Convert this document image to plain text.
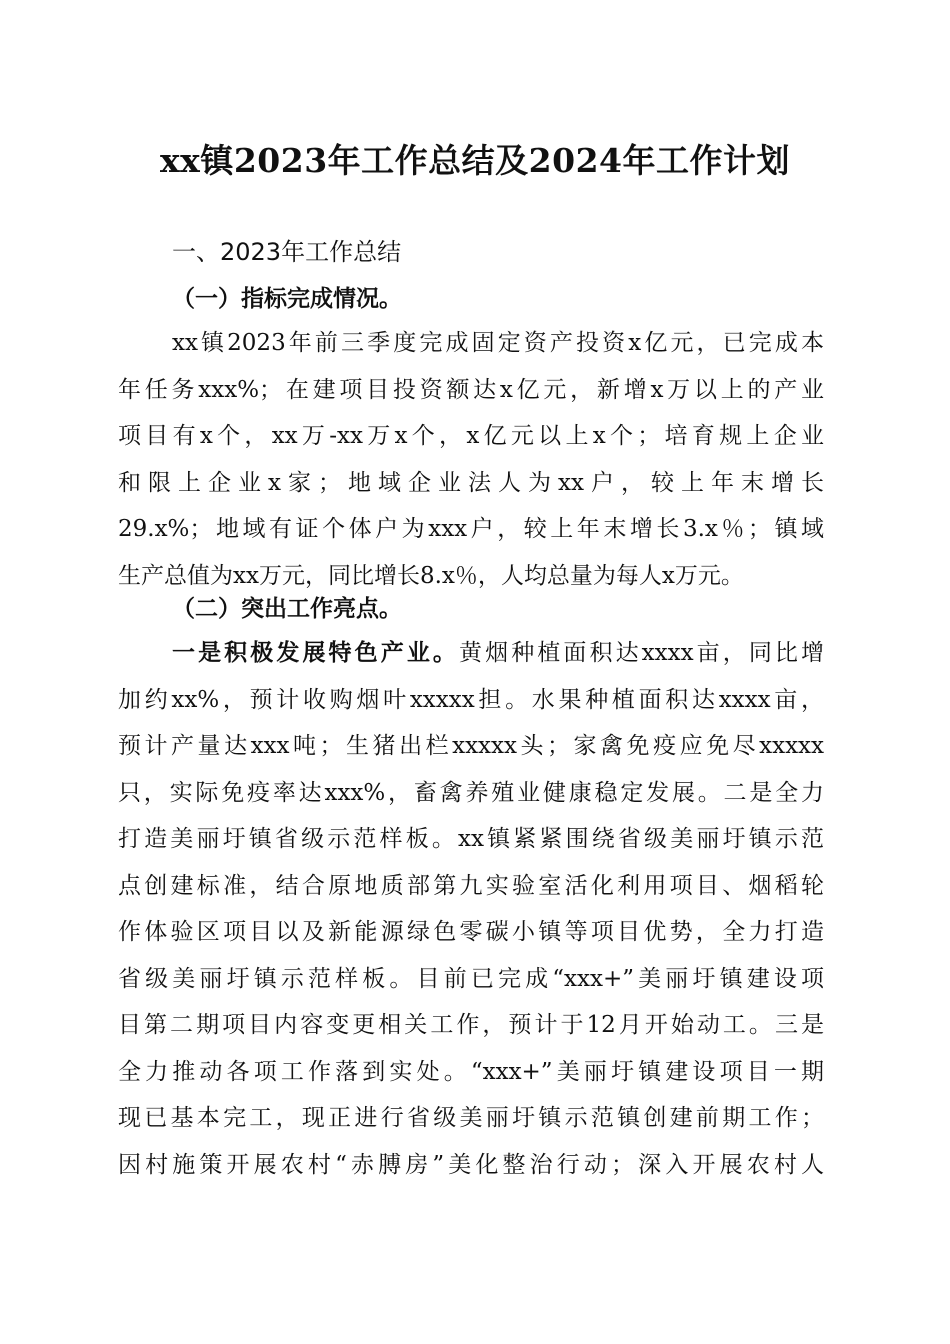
xx镇2023年工作总结及2024年工作计划
一、2023年工作总结
（一）指标完成情况。
xx镇2023年前三季度完成固定资产投资x亿元，已完成本
年任务xxx%；在建项目投资额达x亿元，新增x万以上的产业
项目有x个，xx万-xx万x个，x亿元以上x个；培育规上企业
和限上企业x家；地域企业法人为xx户，较上年末增长
29.x%；地域有证个体户为xxx户，较上年末增长3.x％；镇域
生产总值为xx万元，同比增长8.x％，人均总量为每人x万元。
（二）突出工作亮点。
一是积极发展特色产业。黄烟种植面积达xxxx亩，同比增
加约xx%，预计收购烟叶xxxxx担。水果种植面积达xxxx亩，
预计产量达xxx吨；生猪出栏xxxxx头；家禽免疫应免尽xxxxx
只，实际免疫率达xxx%，畜禽养殖业健康稳定发展。二是全力
打造美丽圩镇省级示范样板。xx镇紧紧围绕省级美丽圩镇示范
点创建标准，结合原地质部第九实验室活化利用项目、烟稻轮
作体验区项目以及新能源绿色零碳小镇等项目优势，全力打造
省级美丽圩镇示范样板。目前已完成“xxx+”美丽圩镇建设项
目第二期项目内容变更相关工作，预计于12月开始动工。三是
全力推动各项工作落到实处。“xxx+”美丽圩镇建设项目一期
现已基本完工，现正进行省级美丽圩镇示范镇创建前期工作；
因村施策开展农村“赤膊房”美化整治行动；深入开展农村人
